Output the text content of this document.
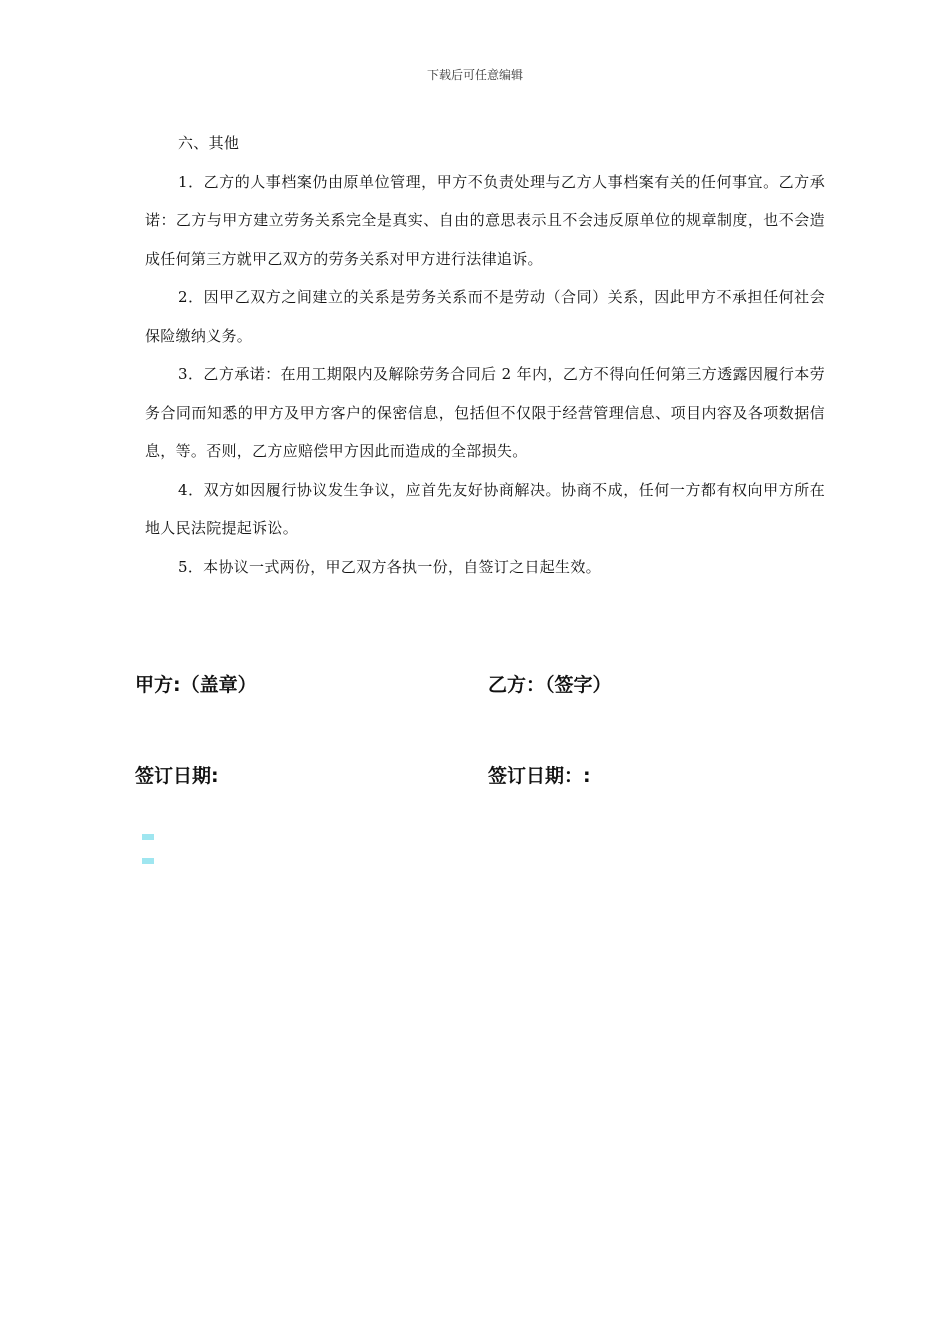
下载后可任意编辑
六、其他

1．乙方的人事档案仍由原单位管理，甲方不负责处理与乙方人事档案有关的任何事宜。乙方承诺：乙方与甲方建立劳务关系完全是真实、自由的意思表示且不会违反原单位的规章制度，也不会造成任何第三方就甲乙双方的劳务关系对甲方进行法律追诉。

2．因甲乙双方之间建立的关系是劳务关系而不是劳动（合同）关系，因此甲方不承担任何社会保险缴纳义务。

3．乙方承诺：在用工期限内及解除劳务合同后 2 年内，乙方不得向任何第三方透露因履行本劳务合同而知悉的甲方及甲方客户的保密信息，包括但不仅限于经营管理信息、项目内容及各项数据信息，等。否则，乙方应赔偿甲方因此而造成的全部损失。

4．双方如因履行协议发生争议，应首先友好协商解决。协商不成，任何一方都有权向甲方所在地人民法院提起诉讼。

5．本协议一式两份，甲乙双方各执一份，自签订之日起生效。

甲方:（盖章）	乙方：（签字）
签订日期:	签订日期：:
